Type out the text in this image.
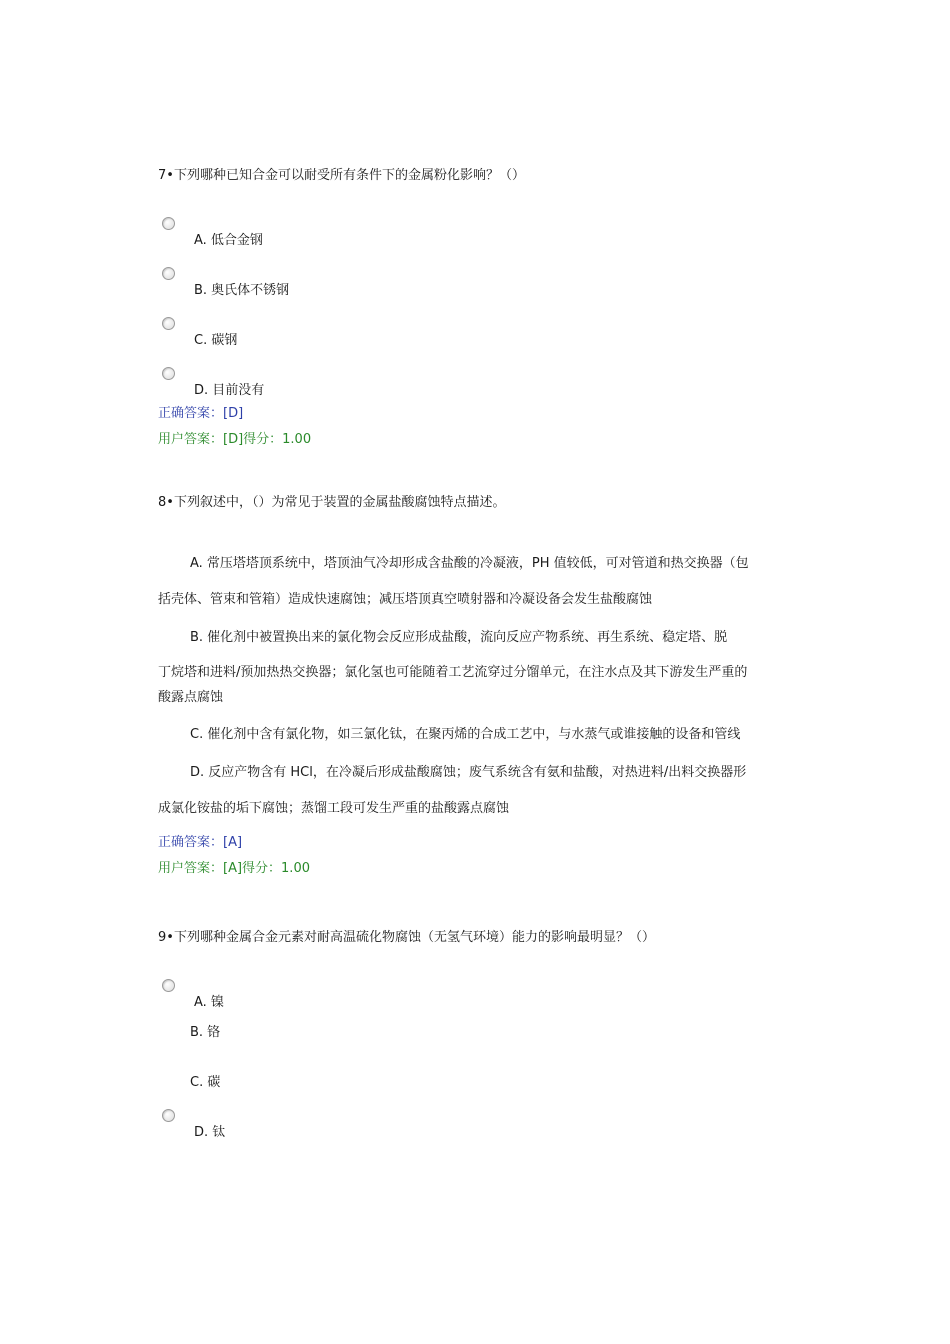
7•下列哪种已知合金可以耐受所有条件下的金属粉化影响？（）
A. 低合金钢
B. 奥氏体不锈钢
C. 碳钢
D. 目前没有
正确答案：[D]
用户答案：[D]得分：1.00
8•下列叙述中，（）为常见于装置的金属盐酸腐蚀特点描述。
A. 常压塔塔顶系统中，塔顶油气冷却形成含盐酸的冷凝液，PH 值较低，可对管道和热交换器（包
括壳体、管束和管箱）造成快速腐蚀；减压塔顶真空喷射器和冷凝设备会发生盐酸腐蚀
B. 催化剂中被置换出来的氯化物会反应形成盐酸，流向反应产物系统、再生系统、稳定塔、脱
丁烷塔和进料/预加热热交换器；氯化氢也可能随着工艺流穿过分馏单元，在注水点及其下游发生严重的
酸露点腐蚀
C. 催化剂中含有氯化物，如三氯化钛，在聚丙烯的合成工艺中，与水蒸气或谁接触的设备和管线
D. 反应产物含有 HCl，在冷凝后形成盐酸腐蚀；废气系统含有氨和盐酸，对热进料/出料交换器形
成氯化铵盐的垢下腐蚀；蒸馏工段可发生严重的盐酸露点腐蚀
正确答案：[A]
用户答案：[A]得分：1.00
9•下列哪种金属合金元素对耐高温硫化物腐蚀（无氢气环境）能力的影响最明显？（）
A. 镍
B. 铬
C. 碳
D. 钛
